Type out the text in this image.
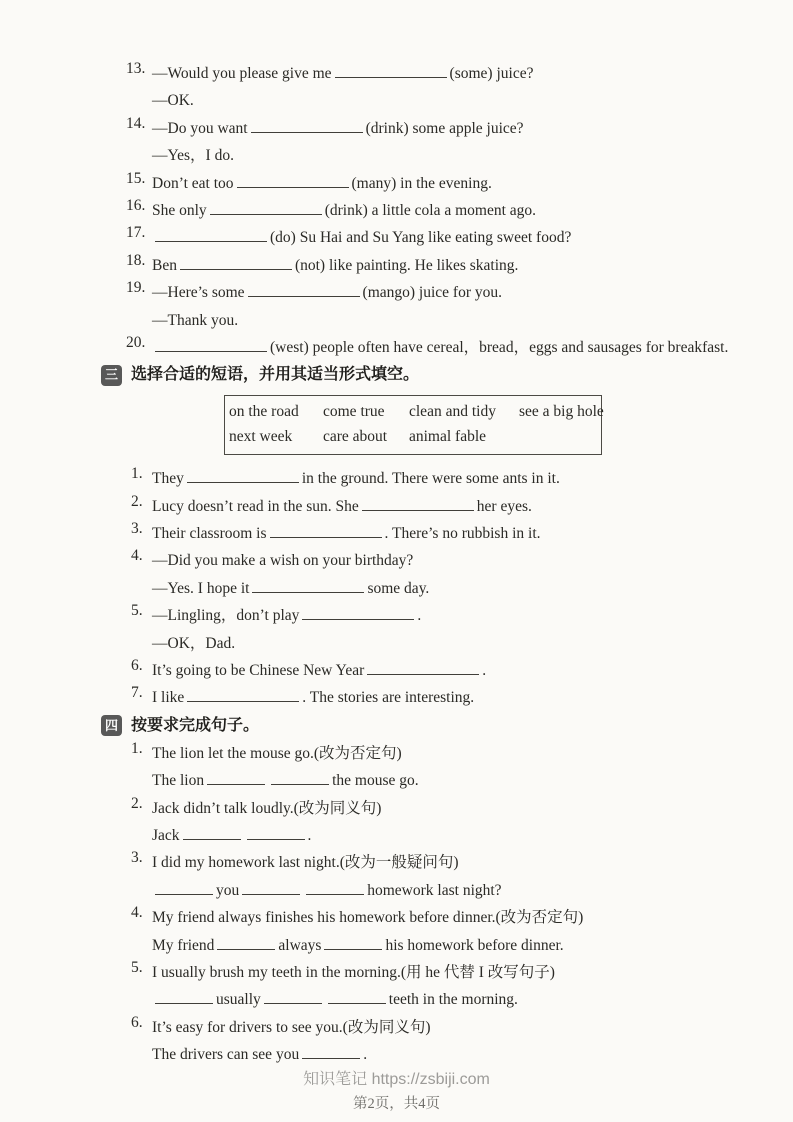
13. —Would you please give me	(some) juice?
—OK.
14. —Do you want	(drink) some apple juice?
—Yes，I do.
15. Don’t eat too	(many) in the evening.
16. She only	(drink) a little cola a moment ago.
17.	(do) Su Hai and Su Yang like eating sweet food?
18. Ben	(not) like painting. He likes skating.
19. —Here’s some	(mango) juice for you.
—Thank you.
20.	(west) people often have cereal，bread，eggs and sausages for breakfast.
三 选择合适的短语，并用其适当形式填空。
on the road	come true	clean and tidy	see a big hole
next week	care about	animal fable
1. They	in the ground. There were some ants in it.
2. Lucy doesn’t read in the sun. She	her eyes.
3. Their classroom is	. There’s no rubbish in it.
4. —Did you make a wish on your birthday?
—Yes. I hope it	some day.
5. —Lingling，don’t play	.
—OK，Dad.
6. It’s going to be Chinese New Year	.
7. I like	. The stories are interesting.
四 按要求完成句子。
1. The lion let the mouse go.(改为否定句)
The lion	the mouse go.
2. Jack didn’t talk loudly.(改为同义句)
Jack	.
3. I did my homework last night.(改为一般疑问句)
you	homework last night?
4. My friend always finishes his homework before dinner.(改为否定句)
My friend	always	his homework before dinner.
5. I usually brush my teeth in the morning.(用 he 代替 I 改写句子)
usually	teeth in the morning.
6. It’s easy for drivers to see you.(改为同义句)
The drivers can see you	.
知识笔记 https://zsbiji.com
第2页，共4页
